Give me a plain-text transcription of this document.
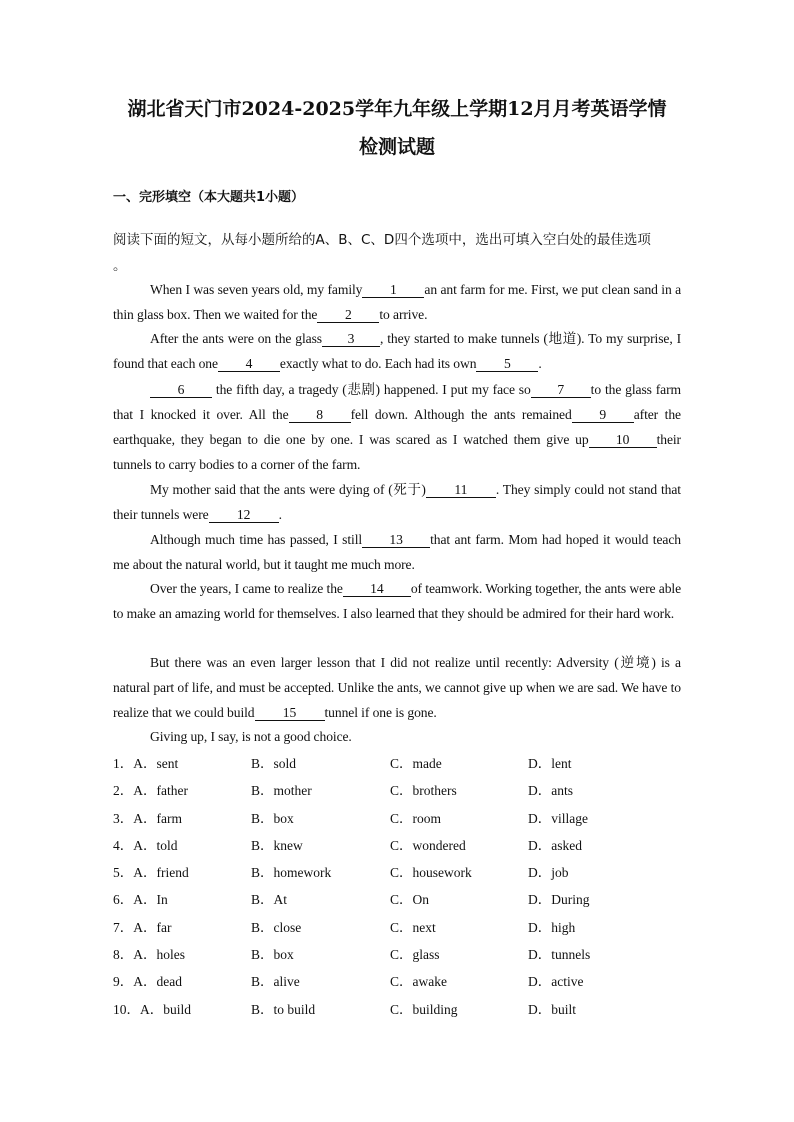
湖北省天门市2024-2025学年九年级上学期12月月考英语学情
检测试题
一、完形填空（本大题共1小题）
阅读下面的短文，从每小题所给的A、B、C、D四个选项中，选出可填入空白处的最佳选项
。
When I was seven years old, my family 1 an ant farm for me. First, we put clean sand in a thin glass box. Then we waited for the 2 to arrive.
After the ants were on the glass 3 , they started to make tunnels (地道). To my surprise, I found that each one 4 exactly what to do. Each had its own 5 .
6 the fifth day, a tragedy (悲剧) happened. I put my face so 7 to the glass farm that I knocked it over. All the 8 fell down. Although the ants remained 9 after the earthquake, they began to die one by one. I was scared as I watched them give up 10 their tunnels to carry bodies to a corner of the farm.
My mother said that the ants were dying of (死于) 11 . They simply could not stand that their tunnels were 12 .
Although much time has passed, I still 13 that ant farm. Mom had hoped it would teach me about the natural world, but it taught me much more.
Over the years, I came to realize the 14 of teamwork. Working together, the ants were able to make an amazing world for themselves. I also learned that they should be admired for their hard work.
But there was an even larger lesson that I did not realize until recently: Adversity (逆境) is a natural part of life, and must be accepted. Unlike the ants, we cannot give up when we are sad. We have to realize that we could build 15 tunnel if one is gone.
Giving up, I say, is not a good choice.
1．A．sent	B．sold	C．made	D．lent
2．A．father	B．mother	C．brothers	D．ants
3．A．farm	B．box	C．room	D．village
4．A．told	B．knew	C．wondered	D．asked
5．A．friend	B．homework	C．housework	D．job
6．A．In	B．At	C．On	D．During
7．A．far	B．close	C．next	D．high
8．A．holes	B．box	C．glass	D．tunnels
9．A．dead	B．alive	C．awake	D．active
10．A．build	B．to build	C．building	D．built
